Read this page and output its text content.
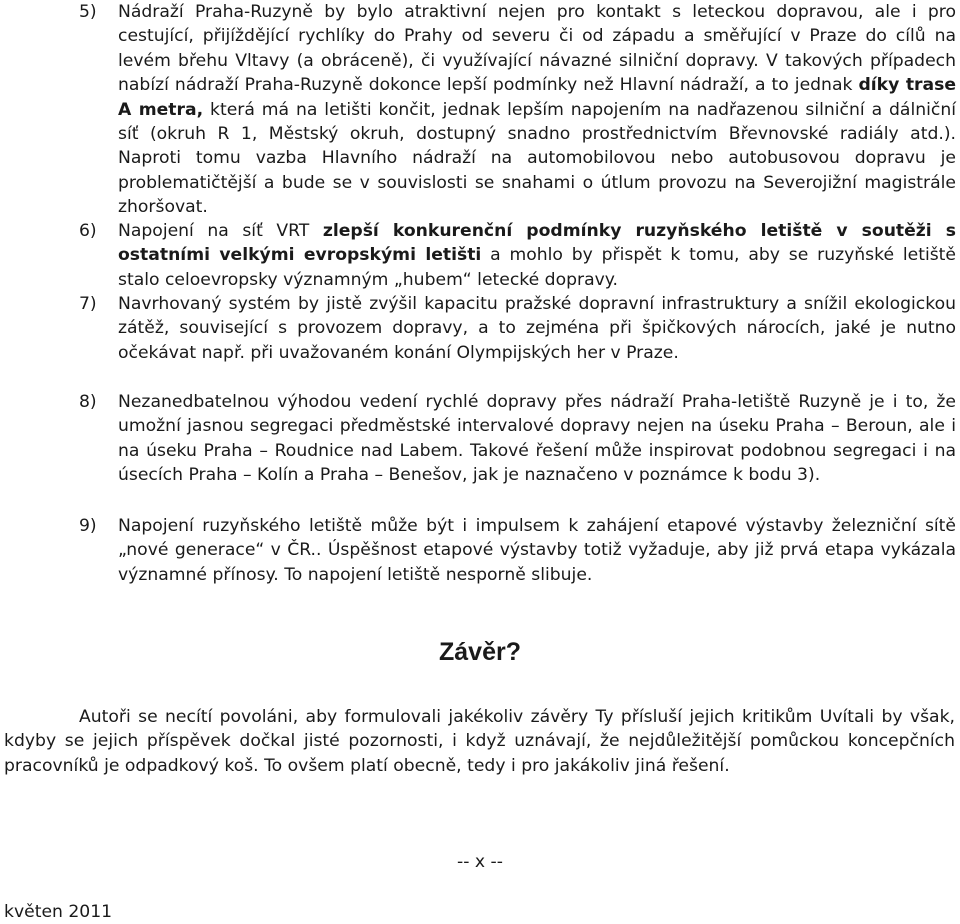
5) Nádraží Praha-Ruzyně by bylo atraktivní nejen pro kontakt s leteckou dopravou, ale i pro cestující, přijíždějící rychlíky do Prahy od severu či od západu a směřující v Praze do cílů na levém břehu Vltavy (a obráceně), či využívající návazné silniční dopravy. V takových případech nabízí nádraží Praha-Ruzyně dokonce lepší podmínky než Hlavní nádraží, a to jednak díky trase A metra, která má na letišti končit, jednak lepším napojením na nadřazenou silniční a dálniční síť (okruh R 1, Městský okruh, dostupný snadno prostřednictvím Břevnovské radiály atd.). Naproti tomu vazba Hlavního nádraží na automobilovou nebo autobusovou dopravu je problematičtější a bude se v souvislosti se snahami o útlum provozu na Severojižní magistrále zhoršovat.
6) Napojení na síť VRT zlepší konkurenční podmínky ruzyňského letiště v soutěži s ostatními velkými evropskými letišti a mohlo by přispět k tomu, aby se ruzyňské letiště stalo celoevropsky významným „hubem“ letecké dopravy.
7) Navrhovaný systém by jistě zvýšil kapacitu pražské dopravní infrastruktury a snížil ekologickou zátěž, související s provozem dopravy, a to zejména při špičkových nárocích, jaké je nutno očekávat např. při uvažovaném konání Olympijských her v Praze.
8) Nezanedbatelnou výhodou vedení rychlé dopravy přes nádraží Praha-letiště Ruzyně je i to, že umožní jasnou segregaci předměstské intervalové dopravy nejen na úseku Praha – Beroun, ale i na úseku Praha – Roudnice nad Labem. Takové řešení může inspirovat podobnou segregaci i na úsecích Praha – Kolín a Praha – Benešov, jak je naznačeno v poznámce k bodu 3).
9) Napojení ruzyňského letiště může být i impulsem k zahájení etapové výstavby železniční sítě „nové generace“ v ČR.. Úspěšnost etapové výstavby totiž vyžaduje, aby již prvá etapa vykázala významné přínosy. To napojení letiště nesporně slibuje.
Závěr?
Autoři se necítí povoláni, aby formulovali jakékoliv závěry Ty přísluší jejich kritikům Uvítali by však, kdyby se jejich příspěvek dočkal jisté pozornosti, i když uznávají, že nejdůležitější pomůckou koncepčních pracovníků je odpadkový koš. To ovšem platí obecně, tedy i pro jakákoliv jiná řešení.
-- x --
květen 2011
